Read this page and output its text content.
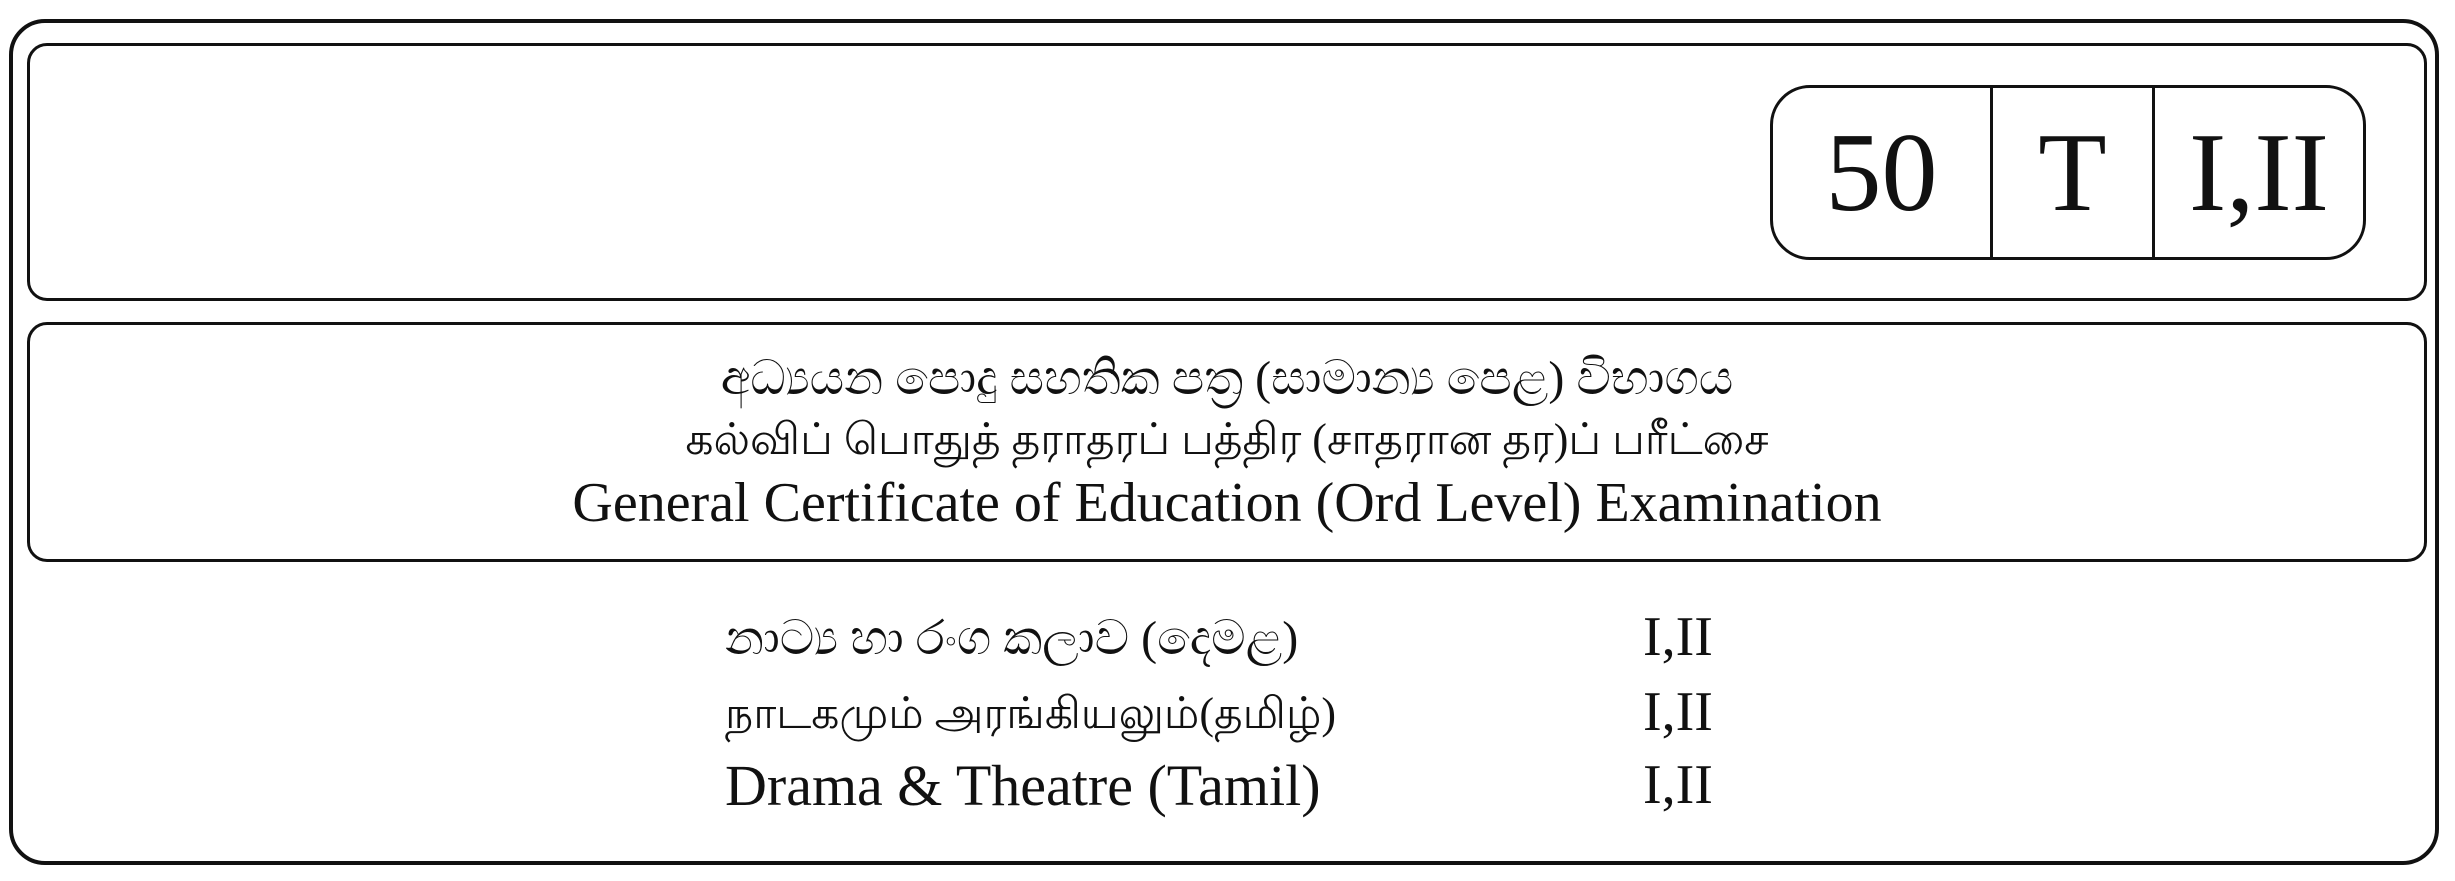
50 T I,II
අධ්‍යයන පොදු සහතික පත්‍ර (සාමාන්‍ය පෙළ) විභාගය
கல்விப் பொதுத் தராதரப் பத்திர (சாதரான தர)ப் பரீட்சை
General Certificate of Education (Ord Level) Examination
නාට්‍ය හා රංග කලාව (දෙමළ)	I,II
நாடகமும் அரங்கியலும்(தமிழ்)	I,II
Drama & Theatre (Tamil)	I,II
